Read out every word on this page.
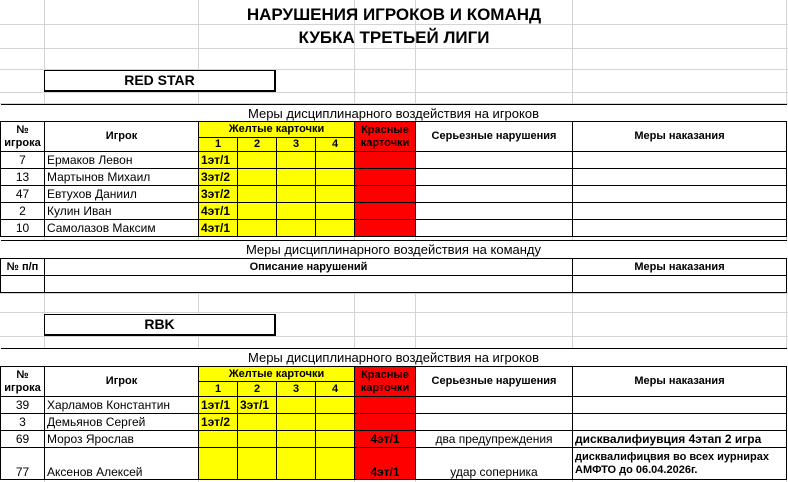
НАРУШЕНИЯ ИГРОКОВ И КОМАНД
КУБКА ТРЕТЬЕЙ ЛИГИ
RED STAR
Меры дисциплинарного воздействия на игроков								
№ игрока	Игрок	Желтые карточки				Красные карточки	Серьезные нарушения	Меры наказания
		1	2	3	4			
7	Ермаков Левон	1эт/1						
13	Мартынов Михаил	3эт/2						
47	Евтухов Даниил	3эт/2						
2	Кулин Иван	4эт/1						
10	Самолазов Максим	4эт/1						
Меры дисциплинарного воздействия на команду		
№ п/п	Описание нарушений	Меры наказания

RBK
Меры дисциплинарного воздействия на игроков								
№ игрока	Игрок	Желтые карточки				Красные карточки	Серьезные нарушения	Меры наказания
		1	2	3	4			
39	Харламов Константин	1эт/1	3эт/1					
3	Демьянов Сергей	1эт/2						
69	Мороз Ярослав					4эт/1	два предупреждения	дисквалифиувция 4этап 2 игра
77	Аксенов Алексей					4эт/1	удар соперника	дисквалифицвия во всех иурнирах АМФТО до 06.04.2026г.
